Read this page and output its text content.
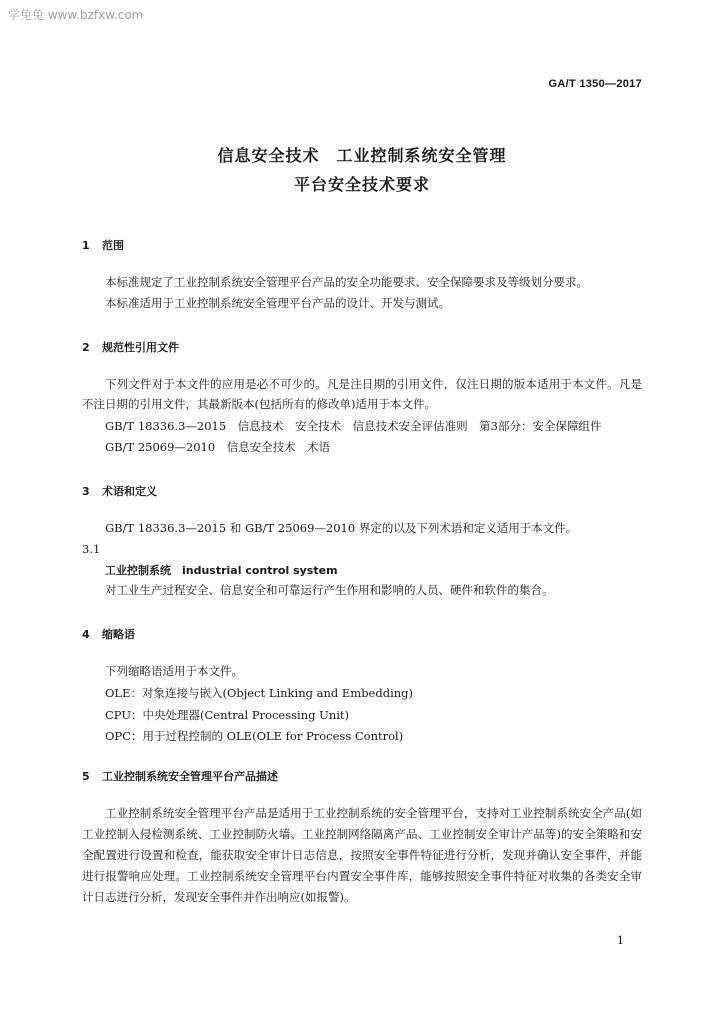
学兔兔 www.bzfxw.com
GA/T 1350—2017
信息安全技术　工业控制系统安全管理
平台安全技术要求
1 范围
本标准规定了工业控制系统安全管理平台产品的安全功能要求、安全保障要求及等级划分要求。
本标准适用于工业控制系统安全管理平台产品的设计、开发与测试。
2 规范性引用文件
下列文件对于本文件的应用是必不可少的。凡是注日期的引用文件，仅注日期的版本适用于本文件。凡是不注日期的引用文件，其最新版本(包括所有的修改单)适用于本文件。
GB/T 18336.3—2015　信息技术　安全技术　信息技术安全评估准则　第3部分：安全保障组件
GB/T 25069—2010　信息安全技术　术语
3 术语和定义
GB/T 18336.3—2015 和 GB/T 25069—2010 界定的以及下列术语和定义适用于本文件。
3.1
工业控制系统　industrial control system
对工业生产过程安全、信息安全和可靠运行产生作用和影响的人员、硬件和软件的集合。
4 缩略语
下列缩略语适用于本文件。
OLE：对象连接与嵌入(Object Linking and Embedding)
CPU：中央处理器(Central Processing Unit)
OPC：用于过程控制的 OLE(OLE for Process Control)
5 工业控制系统安全管理平台产品描述
工业控制系统安全管理平台产品是适用于工业控制系统的安全管理平台，支持对工业控制系统安全产品(如工业控制入侵检测系统、工业控制防火墙、工业控制网络隔离产品、工业控制安全审计产品等)的安全策略和安全配置进行设置和检查，能获取安全审计日志信息，按照安全事件特征进行分析，发现并确认安全事件，并能进行报警响应处理。工业控制系统安全管理平台内置安全事件库，能够按照安全事件特征对收集的各类安全审计日志进行分析，发现安全事件并作出响应(如报警)。
1
